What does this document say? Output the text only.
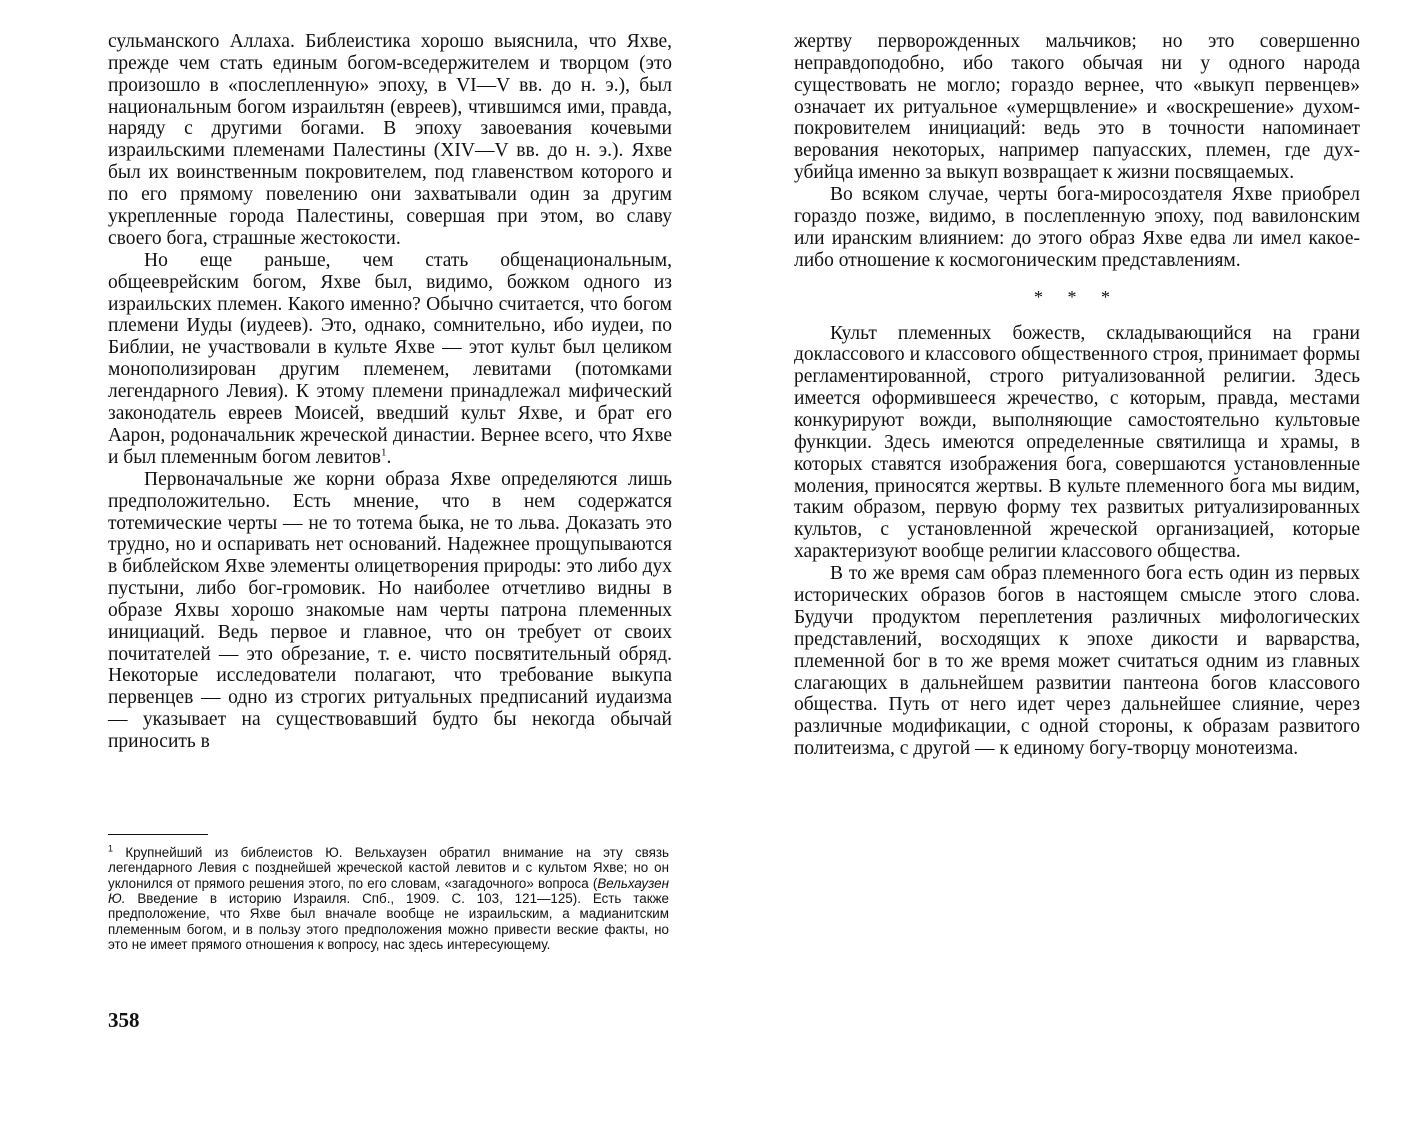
сульманского Аллаха. Библеистика хорошо выяснила, что Яхве, прежде чем стать единым богом-вседержителем и творцом (это произошло в «послепленную» эпоху, в VI—V вв. до н. э.), был национальным богом израильтян (евреев), чтившимся ими, правда, наряду с другими богами. В эпоху завоевания кочевыми израильскими племенами Палестины (XIV—V вв. до н. э.). Яхве был их воинственным покровителем, под главенством которого и по его прямому повелению они захватывали один за другим укрепленные города Палестины, совершая при этом, во славу своего бога, страшные жестокости.

Но еще раньше, чем стать общенациональным, общееврейским богом, Яхве был, видимо, божком одного из израильских племен. Какого именно? Обычно считается, что богом племени Иуды (иудеев). Это, однако, сомнительно, ибо иудеи, по Библии, не участвовали в культе Яхве — этот культ был целиком монополизирован другим племенем, левитами (потомками легендарного Левия). К этому племени принадлежал мифический законодатель евреев Моисей, введший культ Яхве, и брат его Аарон, родоначальник жреческой династии. Вернее всего, что Яхве и был племенным богом левитов$^1$.

Первоначальные же корни образа Яхве определяются лишь предположительно. Есть мнение, что в нем содержатся тотемические черты — не то тотема быка, не то льва. Доказать это трудно, но и оспаривать нет оснований. Надежнее прощупываются в библейском Яхве элементы олицетворения природы: это либо дух пустыни, либо бог-громовик. Но наиболее отчетливо видны в образе Яхвы хорошо знакомые нам черты патрона племенных инициаций. Ведь первое и главное, что он требует от своих почитателей — это обрезание, т. е. чисто посвятительный обряд. Некоторые исследователи полагают, что требование выкупа первенцев — одно из строгих ритуальных предписаний иудаизма — указывает на существовавший будто бы некогда обычай приносить в

$^1$ Крупнейший из библеистов Ю. Вельхаузен обратил внимание на эту связь легендарного Левия с позднейшей жреческой кастой левитов и с культом Яхве; но он уклонился от прямого решения этого, по его словам, «загадочного» вопроса (Вельхаузен Ю. Введение в историю Израиля. Спб., 1909. С. 103, 121—125). Есть также предположение, что Яхве был вначале вообще не израильским, а мадианитским племенным богом, и в пользу этого предположения можно привести веские факты, но это не имеет прямого отношения к вопросу, нас здесь интересующему.

358

жертву перворожденных мальчиков; но это совершенно неправдоподобно, ибо такого обычая ни у одного народа существовать не могло; гораздо вернее, что «выкуп первенцев» означает их ритуальное «умерщвление» и «воскрешение» духом-покровителем инициаций: ведь это в точности напоминает верования некоторых, например папуасских, племен, где дух-убийца именно за выкуп возвращает к жизни посвящаемых.

Во всяком случае, черты бога-миросоздателя Яхве приобрел гораздо позже, видимо, в послепленную эпоху, под вавилонским или иранским влиянием: до этого образ Яхве едва ли имел какое-либо отношение к космогоническим представлениям.

* * *

Культ племенных божеств, складывающийся на грани доклассового и классового общественного строя, принимает формы регламентированной, строго ритуализованной религии. Здесь имеется оформившееся жречество, с которым, правда, местами конкурируют вожди, выполняющие самостоятельно культовые функции. Здесь имеются определенные святилища и храмы, в которых ставятся изображения бога, совершаются установленные моления, приносятся жертвы. В культе племенного бога мы видим, таким образом, первую форму тех развитых ритуализированных культов, с установленной жреческой организацией, которые характеризуют вообще религии классового общества.

В то же время сам образ племенного бога есть один из первых исторических образов богов в настоящем смысле этого слова. Будучи продуктом переплетения различных мифологических представлений, восходящих к эпохе дикости и варварства, племенной бог в то же время может считаться одним из главных слагающих в дальнейшем развитии пантеона богов классового общества. Путь от него идет через дальнейшее слияние, через различные модификации, с одной стороны, к образам развитого политеизма, с другой — к единому богу-творцу монотеизма.
